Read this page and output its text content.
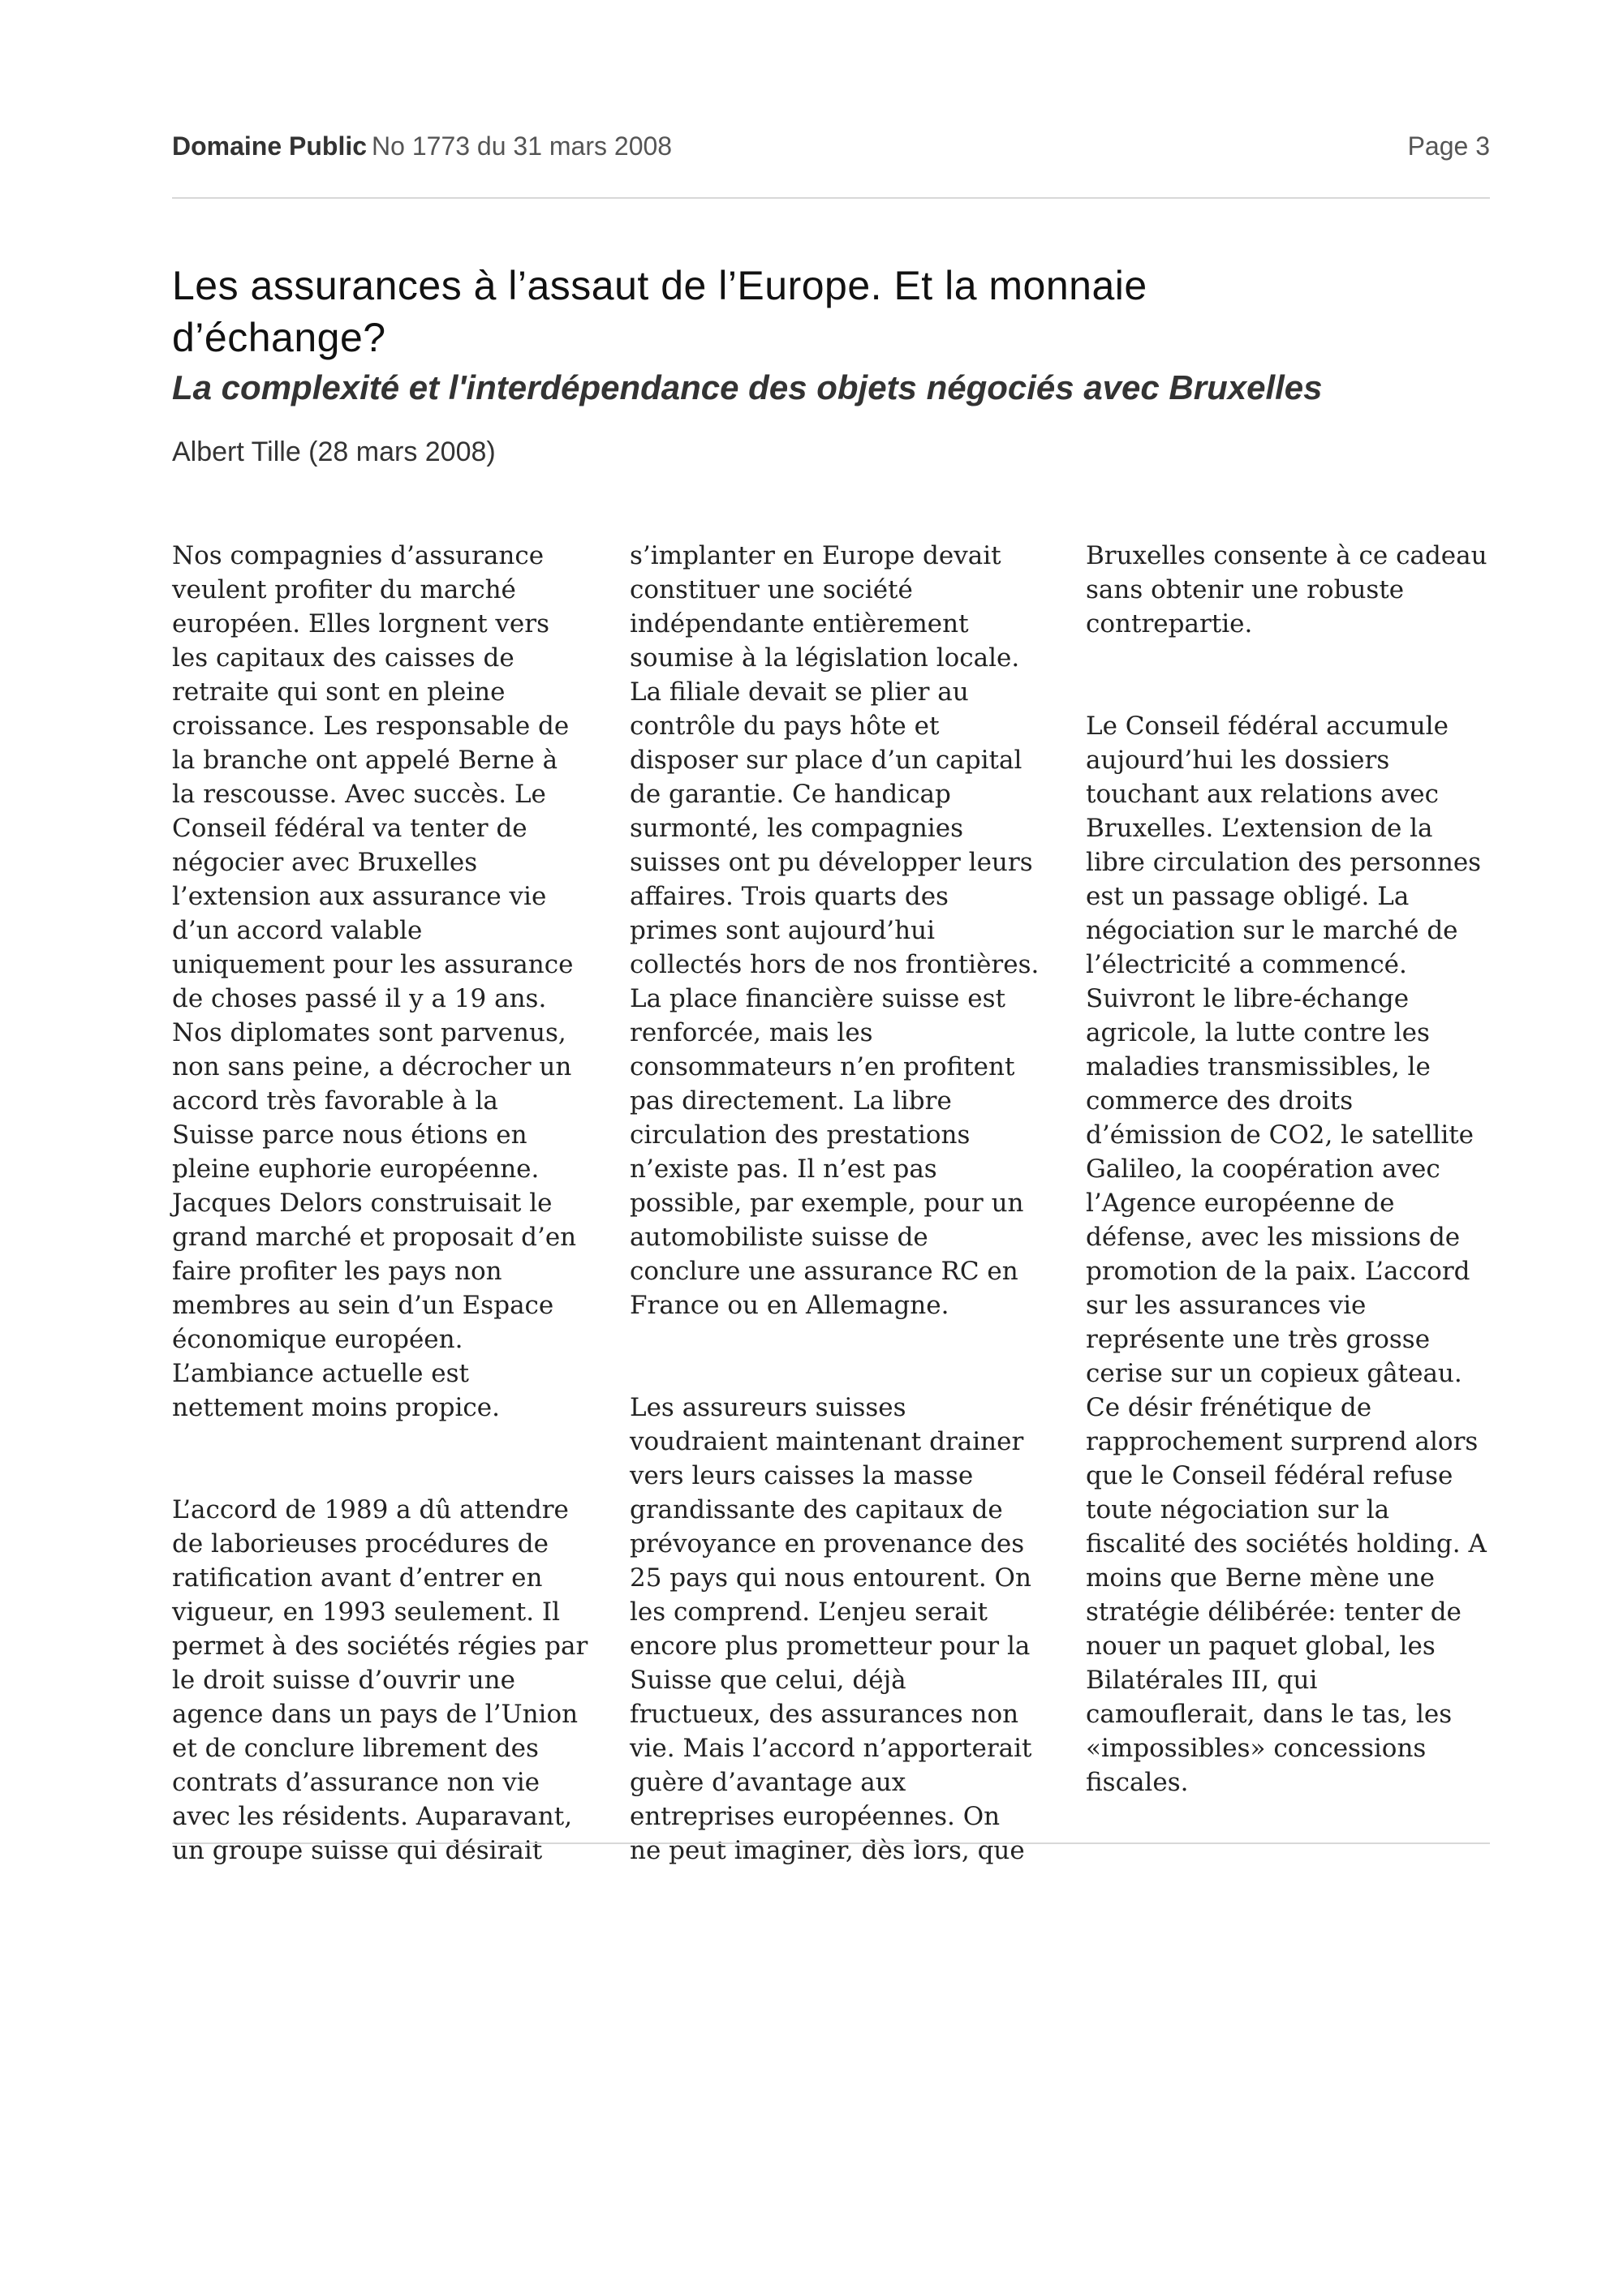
Domaine Public No 1773 du 31 mars 2008	Page 3
Les assurances à l’assaut de l’Europe. Et la monnaie
d’échange?
La complexité et l'interdépendance des objets négociés avec Bruxelles
Albert Tille (28 mars 2008)

Nos compagnies d’assurance
veulent profiter du marché
européen. Elles lorgnent vers
les capitaux des caisses de
retraite qui sont en pleine
croissance. Les responsable de
la branche ont appelé Berne à
la rescousse. Avec succès. Le
Conseil fédéral va tenter de
négocier avec Bruxelles
l’extension aux assurance vie
d’un accord valable
uniquement pour les assurance
de choses passé il y a 19 ans.
Nos diplomates sont parvenus,
non sans peine, a décrocher un
accord très favorable à la
Suisse parce nous étions en
pleine euphorie européenne.
Jacques Delors construisait le
grand marché et proposait d’en
faire profiter les pays non
membres au sein d’un Espace
économique européen.
L’ambiance actuelle est
nettement moins propice.

L’accord de 1989 a dû attendre
de laborieuses procédures de
ratification avant d’entrer en
vigueur, en 1993 seulement. Il
permet à des sociétés régies par
le droit suisse d’ouvrir une
agence dans un pays de l’Union
et de conclure librement des
contrats d’assurance non vie
avec les résidents. Auparavant,
un groupe suisse qui désirait

s’implanter en Europe devait
constituer une société
indépendante entièrement
soumise à la législation locale.
La filiale devait se plier au
contrôle du pays hôte et
disposer sur place d’un capital
de garantie. Ce handicap
surmonté, les compagnies
suisses ont pu développer leurs
affaires. Trois quarts des
primes sont aujourd’hui
collectés hors de nos frontières.
La place financière suisse est
renforcée, mais les
consommateurs n’en profitent
pas directement. La libre
circulation des prestations
n’existe pas. Il n’est pas
possible, par exemple, pour un
automobiliste suisse de
conclure une assurance RC en
France ou en Allemagne.

Les assureurs suisses
voudraient maintenant drainer
vers leurs caisses la masse
grandissante des capitaux de
prévoyance en provenance des
25 pays qui nous entourent. On
les comprend. L’enjeu serait
encore plus prometteur pour la
Suisse que celui, déjà
fructueux, des assurances non
vie. Mais l’accord n’apporterait
guère d’avantage aux
entreprises européennes. On
ne peut imaginer, dès lors, que

Bruxelles consente à ce cadeau
sans obtenir une robuste
contrepartie.

Le Conseil fédéral accumule
aujourd’hui les dossiers
touchant aux relations avec
Bruxelles. L’extension de la
libre circulation des personnes
est un passage obligé. La
négociation sur le marché de
l’électricité a commencé.
Suivront le libre-échange
agricole, la lutte contre les
maladies transmissibles, le
commerce des droits
d’émission de CO2, le satellite
Galileo, la coopération avec
l’Agence européenne de
défense, avec les missions de
promotion de la paix. L’accord
sur les assurances vie
représente une très grosse
cerise sur un copieux gâteau.
Ce désir frénétique de
rapprochement surprend alors
que le Conseil fédéral refuse
toute négociation sur la
fiscalité des sociétés holding. A
moins que Berne mène une
stratégie délibérée: tenter de
nouer un paquet global, les
Bilatérales III, qui
camouflerait, dans le tas, les
«impossibles» concessions
fiscales.
